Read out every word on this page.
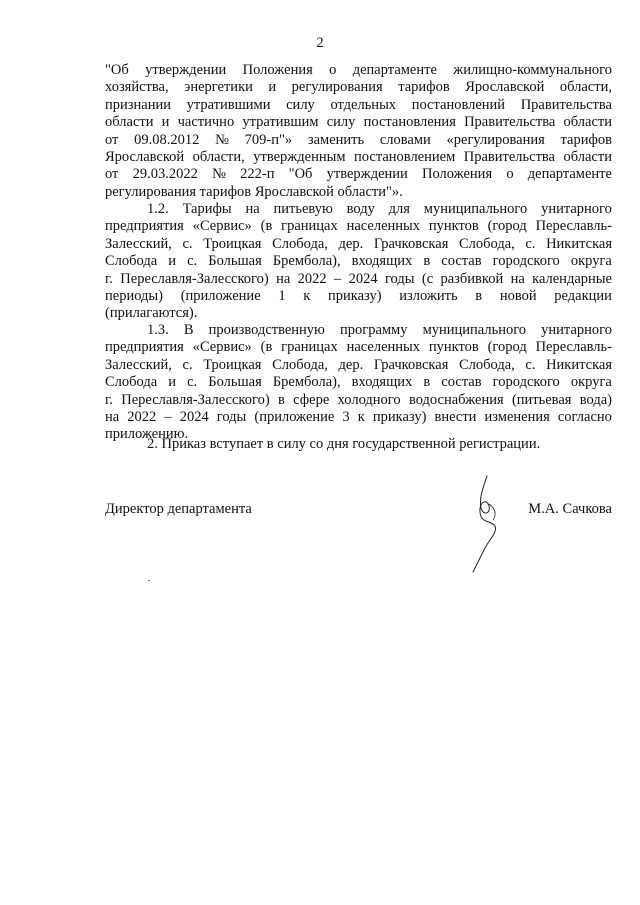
2
"Об утверждении Положения о департаменте жилищно-коммунального
хозяйства, энергетики и регулирования тарифов Ярославской области,
признании утратившими силу отдельных постановлений Правительства
области и частично утратившим силу постановления Правительства области
от 09.08.2012 № 709-п"» заменить словами «регулирования тарифов
Ярославской области, утвержденным постановлением Правительства области
от 29.03.2022 № 222-п "Об утверждении Положения о департаменте
регулирования тарифов Ярославской области"».
1.2. Тарифы на питьевую воду для муниципального унитарного
предприятия «Сервис» (в границах населенных пунктов (город Переславль-
Залесский, с. Троицкая Слобода, дер. Грачковская Слобода, с. Никитская
Слобода и с. Большая Брембола), входящих в состав городского округа
г. Переславля-Залесского) на 2022 – 2024 годы (с разбивкой на календарные
периоды) (приложение 1 к приказу) изложить в новой редакции
(прилагаются).
1.3. В производственную программу муниципального унитарного
предприятия «Сервис» (в границах населенных пунктов (город Переславль-
Залесский, с. Троицкая Слобода, дер. Грачковская Слобода, с. Никитская
Слобода и с. Большая Брембола), входящих в состав городского округа
г. Переславля-Залесского) в сфере холодного водоснабжения (питьевая вода)
на 2022 – 2024 годы (приложение 3 к приказу) внести изменения согласно
приложению.
2. Приказ вступает в силу со дня государственной регистрации.
Директор департамента	М.А. Сачкова
